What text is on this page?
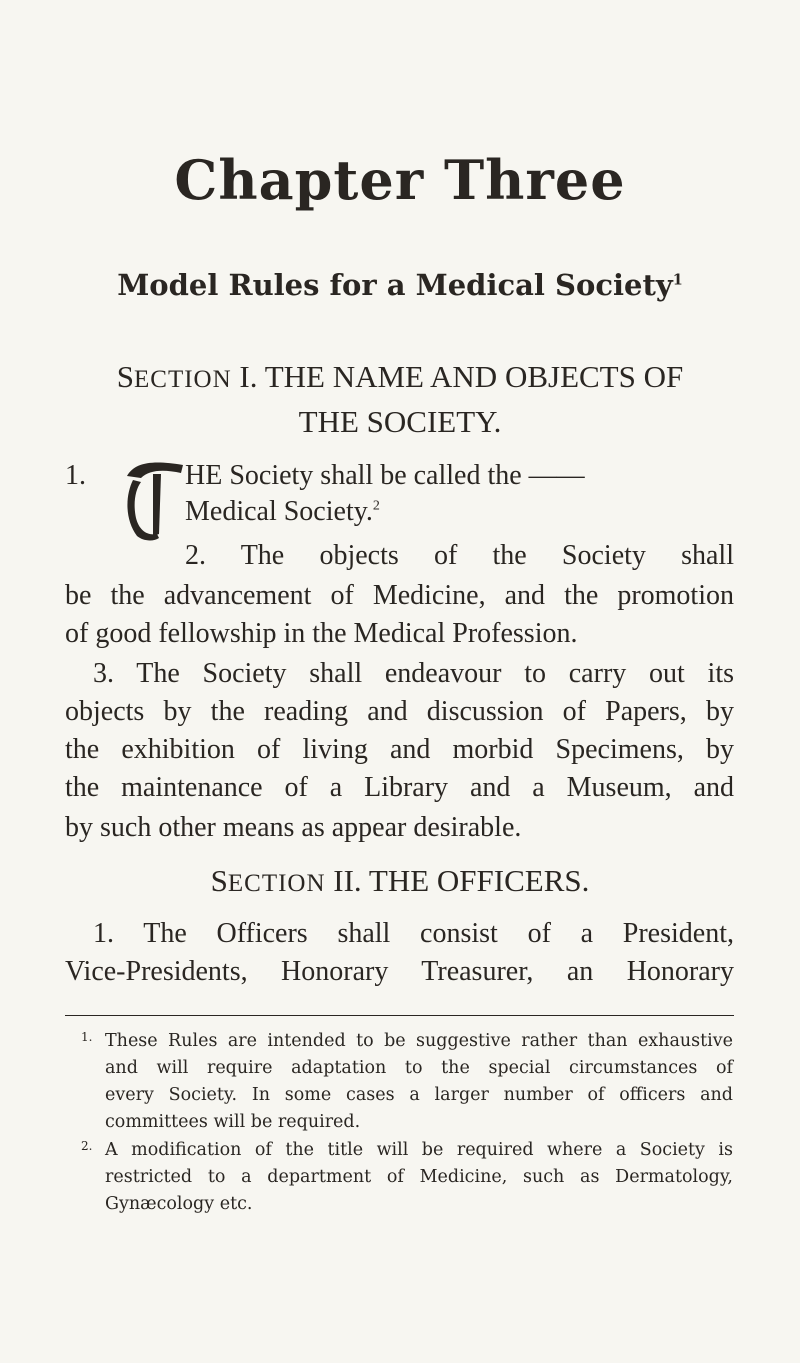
Chapter Three
Model Rules for a Medical Society$^1$
SECTION I. THE NAME AND OBJECTS OF
THE SOCIETY.
1.	HE Society shall be called the ——
Medical Society.$^2$
2. The objects of the Society shall
be the advancement of Medicine, and the promotion
of good fellowship in the Medical Profession.
3. The Society shall endeavour to carry out its
objects by the reading and discussion of Papers, by
the exhibition of living and morbid Specimens, by
the maintenance of a Library and a Museum, and
by such other means as appear desirable.
SECTION II. THE OFFICERS.
1. The Officers shall consist of a President,
Vice-Presidents, Honorary Treasurer, an Honorary
1. These Rules are intended to be suggestive rather than exhaustive
and will require adaptation to the special circumstances of
every Society. In some cases a larger number of officers and
committees will be required.
2. A modification of the title will be required where a Society is
restricted to a department of Medicine, such as Dermatology,
Gynæcology etc.
